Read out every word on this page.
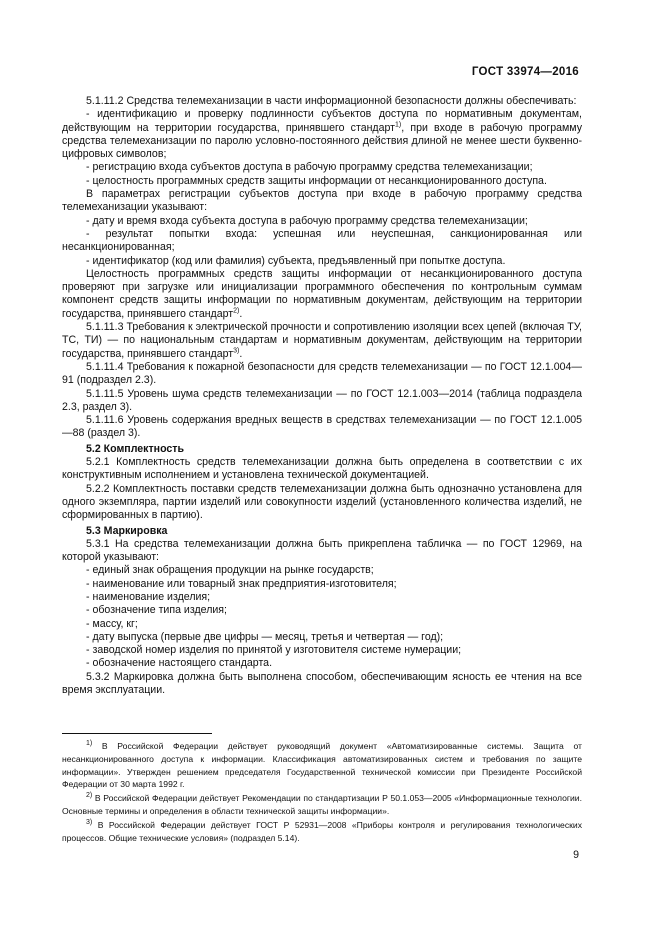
ГОСТ 33974—2016

5.1.11.2 Средства телемеханизации в части информационной безопасности должны обеспечивать:

- идентификацию и проверку подлинности субъектов доступа по нормативным документам, действующим на территории государства, принявшего стандарт$^{1)}$, при входе в рабочую программу средства телемеханизации по паролю условно-постоянного действия длиной не менее шести буквенно-цифровых символов;

- регистрацию входа субъектов доступа в рабочую программу средства телемеханизации;

- целостность программных средств защиты информации от несанкционированного доступа.

В параметрах регистрации субъектов доступа при входе в рабочую программу средства телемеханизации указывают:

- дату и время входа субъекта доступа в рабочую программу средства телемеханизации;

- результат попытки входа: успешная или неуспешная, санкционированная или несанкционированная;

- идентификатор (код или фамилия) субъекта, предъявленный при попытке доступа.

Целостность программных средств защиты информации от несанкционированного доступа проверяют при загрузке или инициализации программного обеспечения по контрольным суммам компонент средств защиты информации по нормативным документам, действующим на территории государства, принявшего стандарт$^{2)}$.

5.1.11.3 Требования к электрической прочности и сопротивлению изоляции всех цепей (включая ТУ, ТС, ТИ) — по национальным стандартам и нормативным документам, действующим на территории государства, принявшего стандарт$^{3)}$.

5.1.11.4 Требования к пожарной безопасности для средств телемеханизации — по ГОСТ 12.1.004—91 (подраздел 2.3).

5.1.11.5 Уровень шума средств телемеханизации — по ГОСТ 12.1.003—2014 (таблица подраздела 2.3, раздел 3).

5.1.11.6 Уровень содержания вредных веществ в средствах телемеханизации — по ГОСТ 12.1.005—88 (раздел 3).

5.2 Комплектность

5.2.1 Комплектность средств телемеханизации должна быть определена в соответствии с их конструктивным исполнением и установлена технической документацией.

5.2.2 Комплектность поставки средств телемеханизации должна быть однозначно установлена для одного экземпляра, партии изделий или совокупности изделий (установленного количества изделий, не сформированных в партию).

5.3 Маркировка

5.3.1 На средства телемеханизации должна быть прикреплена табличка — по ГОСТ 12969, на которой указывают:

- единый знак обращения продукции на рынке государств;

- наименование или товарный знак предприятия-изготовителя;

- наименование изделия;

- обозначение типа изделия;

- массу, кг;

- дату выпуска (первые две цифры — месяц, третья и четвертая — год);

- заводской номер изделия по принятой у изготовителя системе нумерации;

- обозначение настоящего стандарта.

5.3.2 Маркировка должна быть выполнена способом, обеспечивающим ясность ее чтения на все время эксплуатации.

$^{1)}$ В Российской Федерации действует руководящий документ «Автоматизированные системы. Защита от несанкционированного доступа к информации. Классификация автоматизированных систем и требования по защите информации». Утвержден решением председателя Государственной технической комиссии при Президенте Российской Федерации от 30 марта 1992 г.

$^{2)}$ В Российской Федерации действует Рекомендации по стандартизации Р 50.1.053—2005 «Информационные технологии. Основные термины и определения в области технической защиты информации».

$^{3)}$ В Российской Федерации действует ГОСТ Р 52931—2008 «Приборы контроля и регулирования технологических процессов. Общие технические условия» (подраздел 5.14).

9
